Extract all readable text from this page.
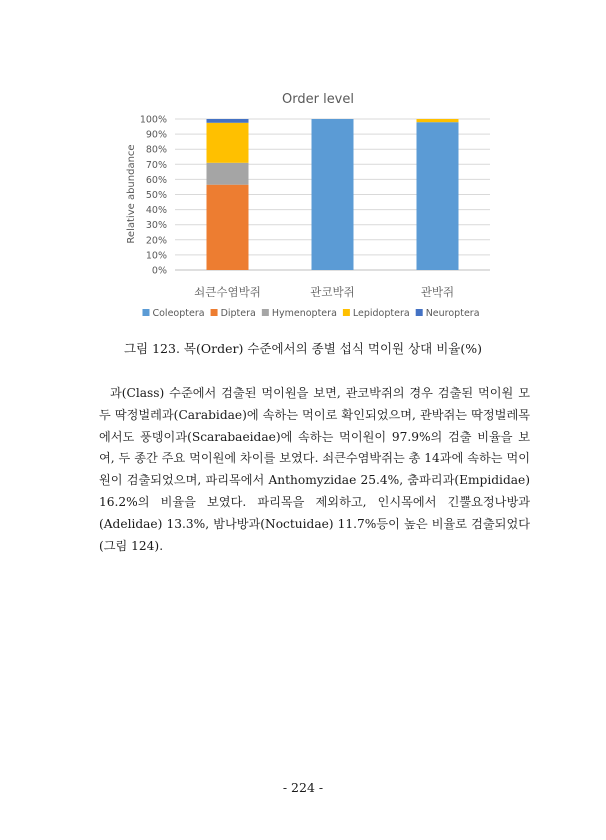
Order level
Relative abundance
0%
10%
20%
30%
40%
50%
60%
70%
80%
90%
100%
쇠큰수염박쥐	관코박쥐	관박쥐
Coleoptera Diptera Hymenoptera Lepidoptera Neuroptera
그림 123. 목(Order) 수준에서의 종별 섭식 먹이원 상대 비율(%)

과(Class) 수준에서 검출된 먹이원을 보면, 관코박쥐의 경우 검출된 먹이원 모두 딱정벌레과(Carabidae)에 속하는 먹이로 확인되었으며, 관박쥐는 딱정벌레목에서도 풍뎅이과(Scarabaeidae)에 속하는 먹이원이 97.9%의 검출 비율을 보여, 두 종간 주요 먹이원에 차이를 보였다. 쇠큰수염박쥐는 총 14과에 속하는 먹이원이 검출되었으며, 파리목에서 Anthomyzidae 25.4%, 춤파리과(Empididae) 16.2%의 비율을 보였다. 파리목을 제외하고, 인시목에서 긴뿔요정나방과(Adelidae) 13.3%, 밤나방과(Noctuidae) 11.7%등이 높은 비율로 검출되었다(그림 124).

- 224 -
